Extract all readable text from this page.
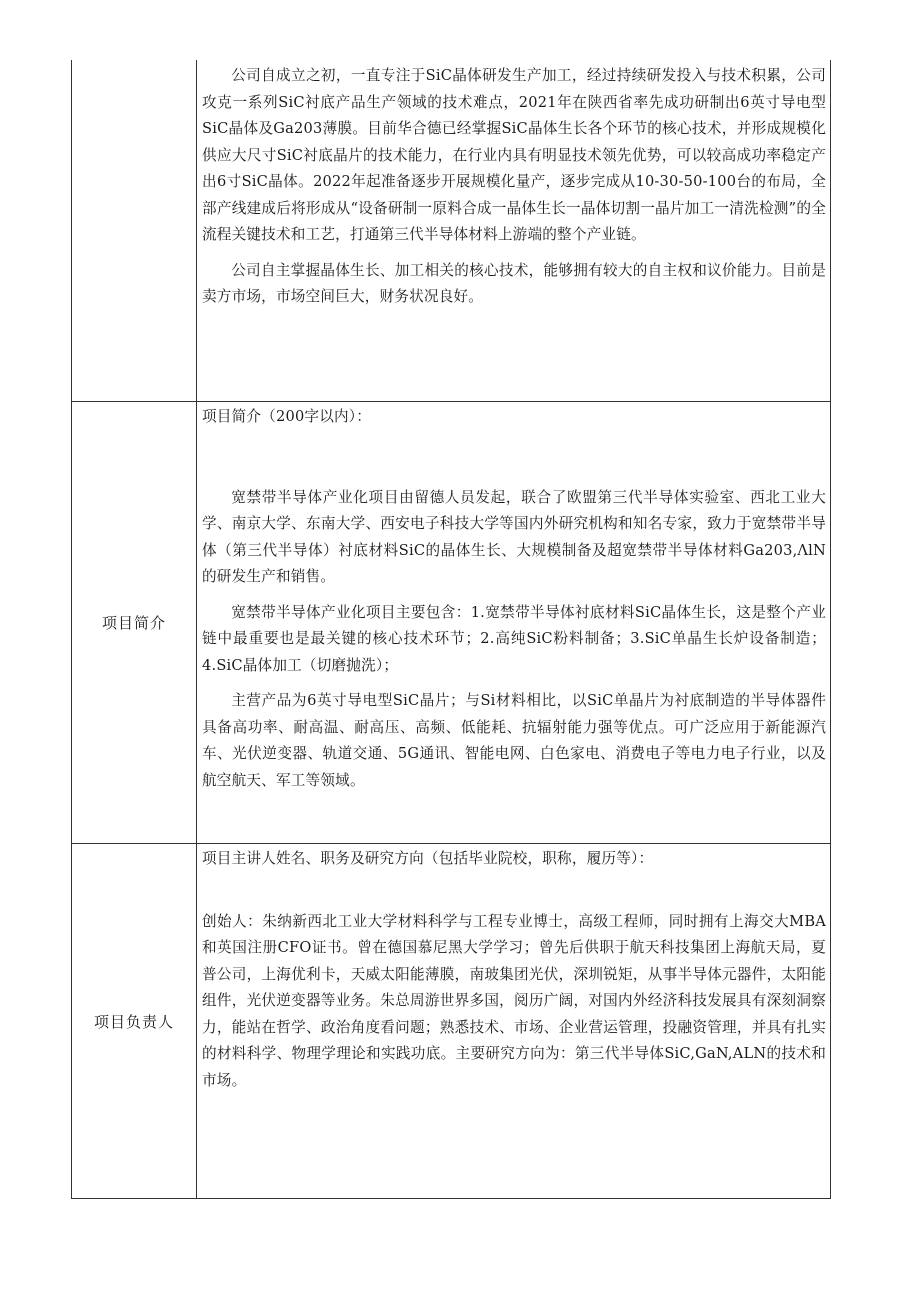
公司自成立之初，一直专注于SiC晶体研发生产加工，经过持续研发投入与技术积累，公司攻克一系列SiC衬底产品生产领域的技术难点，2021年在陕西省率先成功研制出6英寸导电型SiC晶体及Ga203薄膜。目前华合德已经掌握SiC晶体生长各个环节的核心技术，并形成规模化供应大尺寸SiC衬底晶片的技术能力，在行业内具有明显技术领先优势，可以较高成功率稳定产出6寸SiC晶体。2022年起准备逐步开展规模化量产，逐步完成从10-30-50-100台的布局，全部产线建成后将形成从“设备研制一原料合成一晶体生长一晶体切割一晶片加工一清洗检测”的全流程关键技术和工艺，打通第三代半导体材料上游端的整个产业链。

公司自主掌握晶体生长、加工相关的核心技术，能够拥有较大的自主权和议价能力。目前是卖方市场，市场空间巨大，财务状况良好。

项目简介

项目简介（200字以内）：

宽禁带半导体产业化项目由留德人员发起，联合了欧盟第三代半导体实验室、西北工业大学、南京大学、东南大学、西安电子科技大学等国内外研究机构和知名专家，致力于宽禁带半导体（第三代半导体）衬底材料SiC的晶体生长、大规模制备及超宽禁带半导体材料Ga203,ΛlN的研发生产和销售。

宽禁带半导体产业化项目主要包含：1.宽禁带半导体衬底材料SiC晶体生长，这是整个产业链中最重要也是最关键的核心技术环节；2.高纯SiC粉料制备；3.SiC单晶生长炉设备制造；4.SiC晶体加工（切磨抛洗）；

主营产品为6英寸导电型SiC晶片；与Si材料相比，以SiC单晶片为衬底制造的半导体器件具备高功率、耐高温、耐高压、高频、低能耗、抗辐射能力强等优点。可广泛应用于新能源汽车、光伏逆变器、轨道交通、5G通讯、智能电网、白色家电、消费电子等电力电子行业，以及航空航天、军工等领域。

项目负责人

项目主讲人姓名、职务及研究方向（包括毕业院校，职称，履历等）：

创始人：朱纳新西北工业大学材料科学与工程专业博士，高级工程师，同时拥有上海交大MBA和英国注册CFO证书。曾在德国慕尼黑大学学习；曾先后供职于航天科技集团上海航天局，夏普公司，上海优利卡，天威太阳能薄膜，南玻集团光伏，深圳锐矩，从事半导体元器件，太阳能组件，光伏逆变器等业务。朱总周游世界多国，阅历广阔，对国内外经济科技发展具有深刻洞察力，能站在哲学、政治角度看问题；熟悉技术、市场、企业营运管理，投融资管理，并具有扎实的材料科学、物理学理论和实践功底。主要研究方向为：第三代半导体SiC,GaN,ALN的技术和市场。
